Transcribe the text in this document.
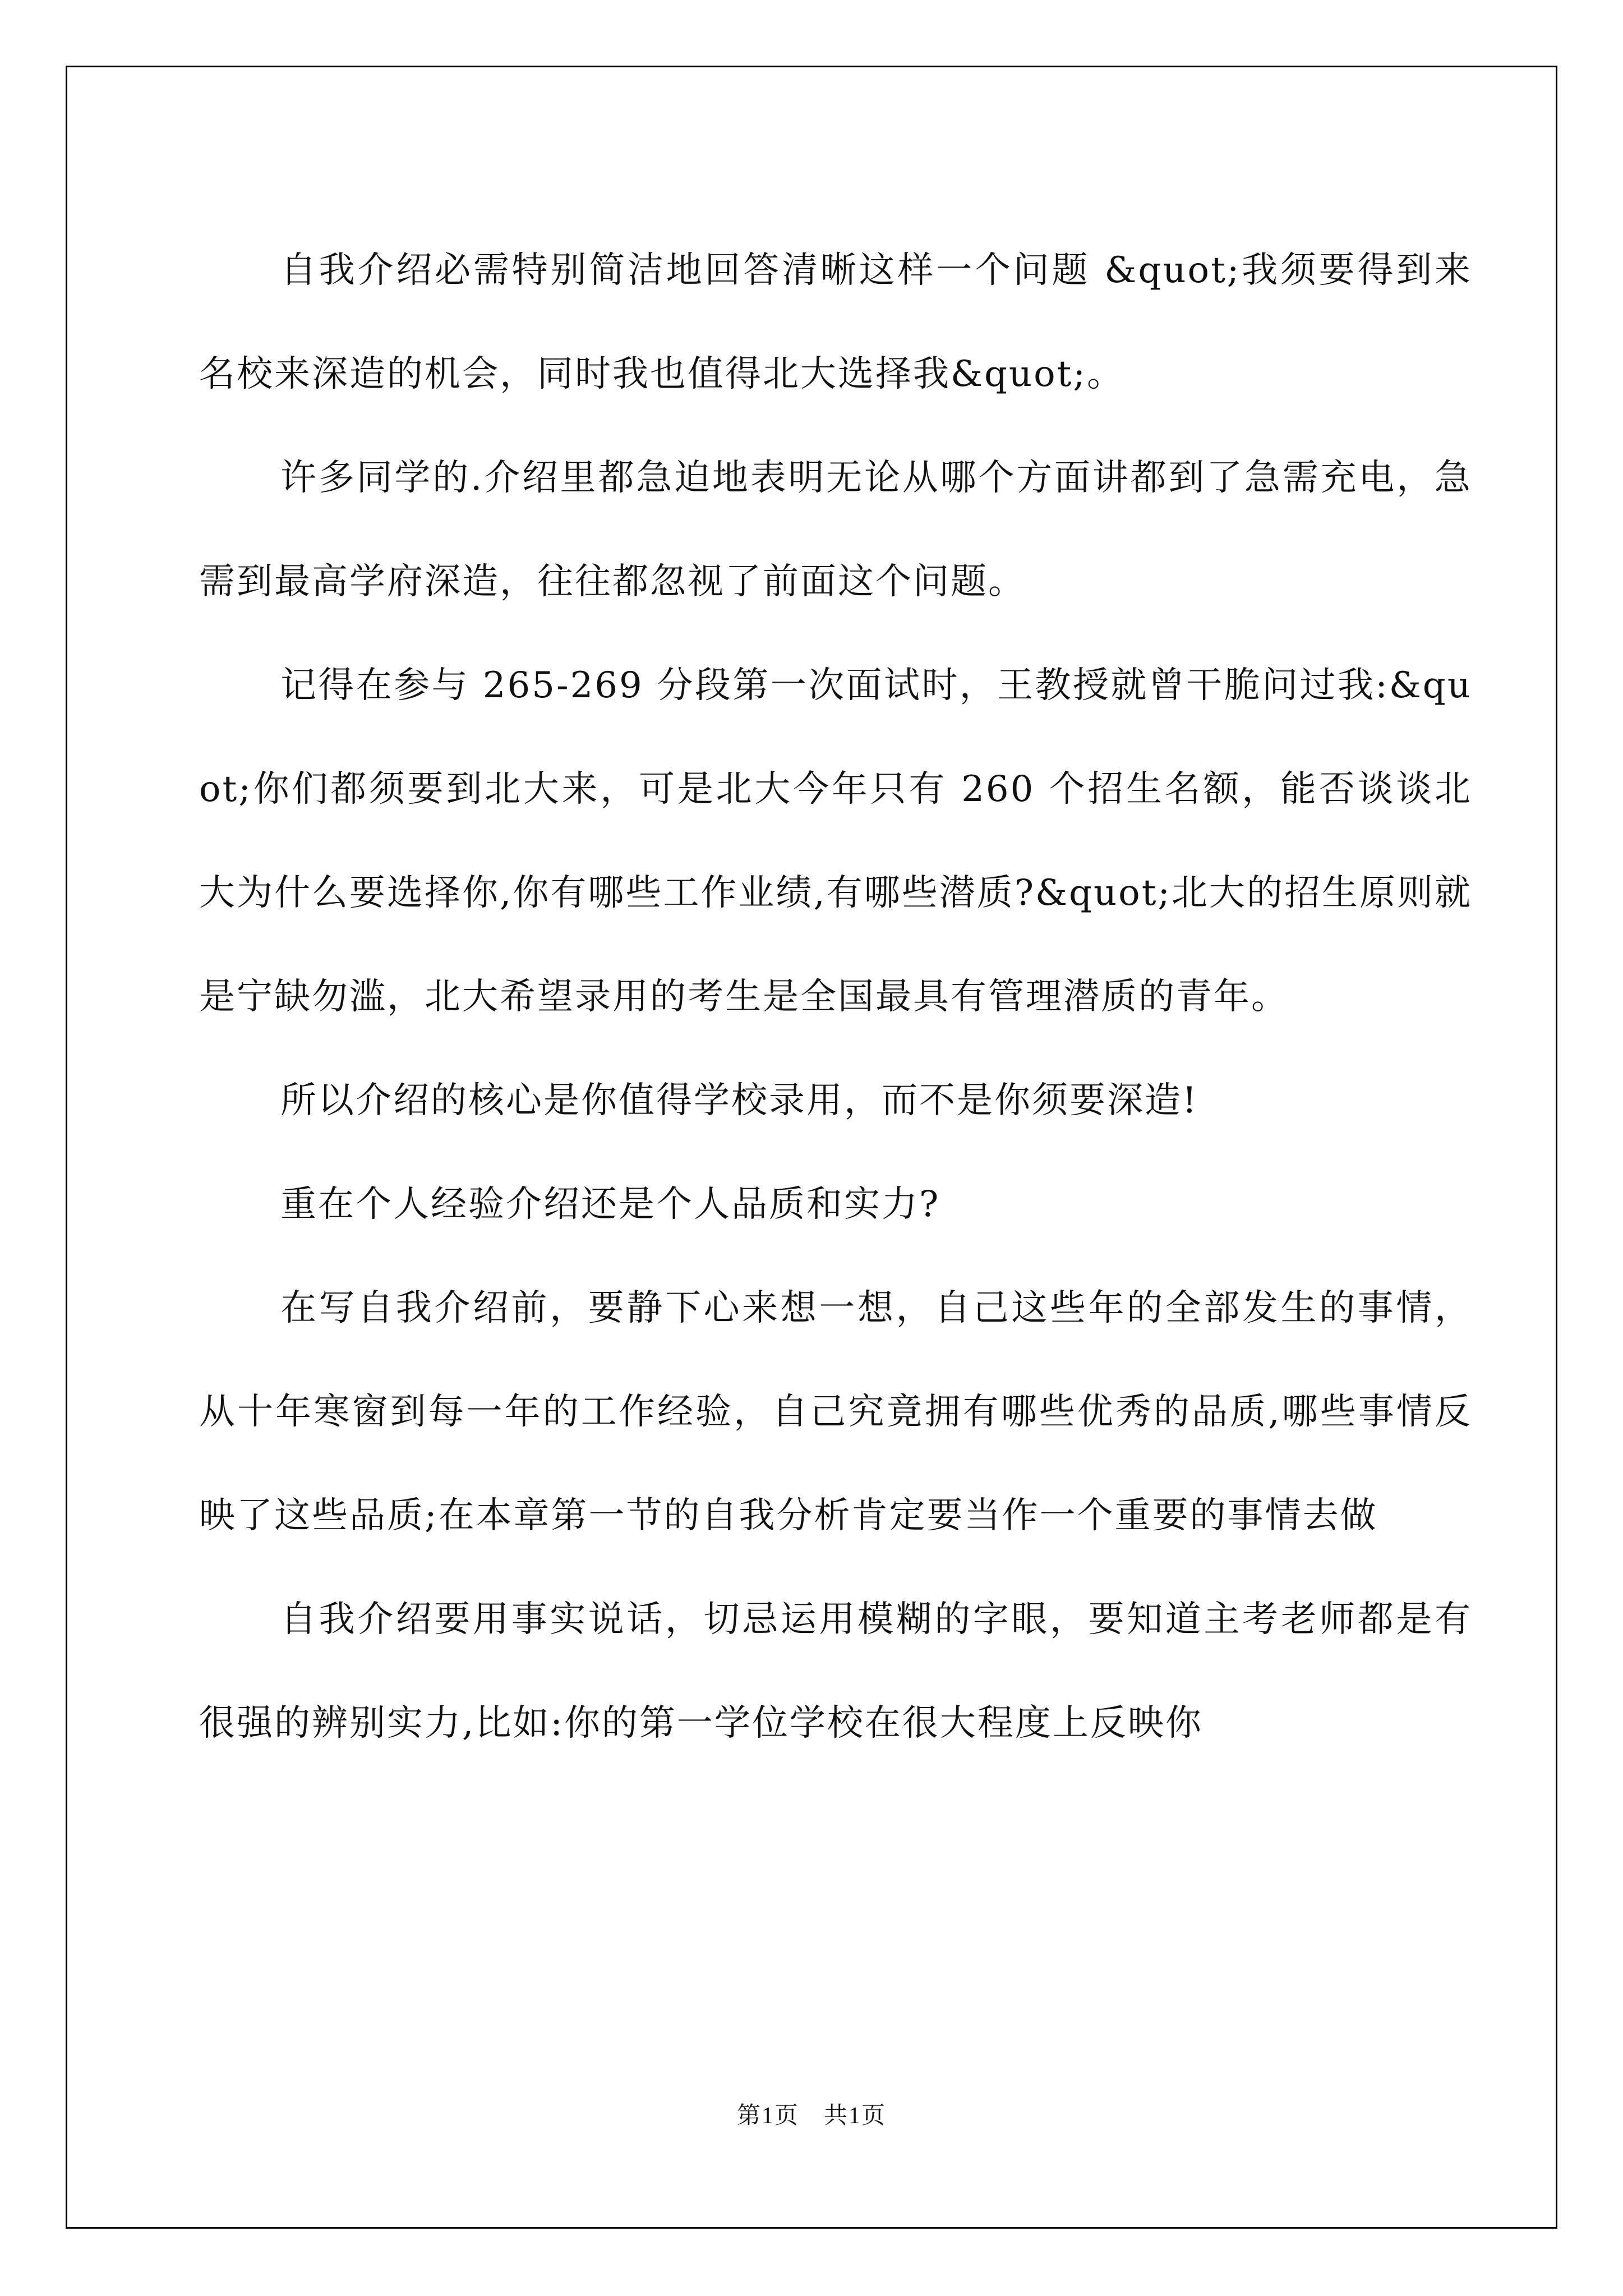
自我介绍必需特别简洁地回答清晰这样一个问题 &quot;我须要得到来名校来深造的机会，同时我也值得北大选择我&quot;。

许多同学的.介绍里都急迫地表明无论从哪个方面讲都到了急需充电，急需到最高学府深造，往往都忽视了前面这个问题。

记得在参与 265-269 分段第一次面试时，王教授就曾干脆问过我:&quot;你们都须要到北大来，可是北大今年只有 260 个招生名额，能否谈谈北大为什么要选择你,你有哪些工作业绩,有哪些潜质?&quot;北大的招生原则就是宁缺勿滥，北大希望录用的考生是全国最具有管理潜质的青年。

所以介绍的核心是你值得学校录用，而不是你须要深造!

重在个人经验介绍还是个人品质和实力?

在写自我介绍前，要静下心来想一想，自己这些年的全部发生的事情，从十年寒窗到每一年的工作经验，自己究竟拥有哪些优秀的品质,哪些事情反映了这些品质;在本章第一节的自我分析肯定要当作一个重要的事情去做

自我介绍要用事实说话，切忌运用模糊的字眼，要知道主考老师都是有很强的辨别实力,比如:你的第一学位学校在很大程度上反映你

第1页　共1页
